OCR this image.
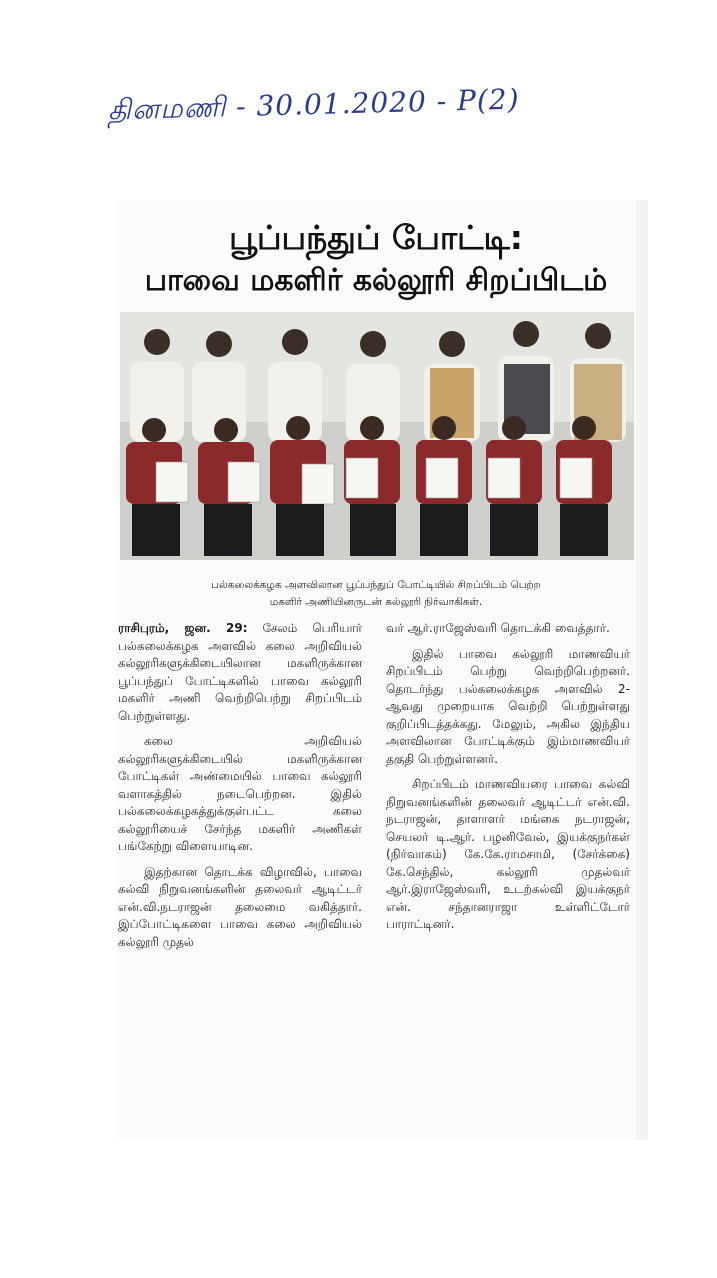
தினமணி - 30.01.2020 - P(2)
பூப்பந்துப் போட்டி:
பாவை மகளிர் கல்லூரி சிறப்பிடம்
பல்கலைக்கழக அளவிலான பூப்பந்துப் போட்டியில் சிறப்பிடம் பெற்ற
மகளிர் அணியினருடன் கல்லூரி நிர்வாகிகள்.

ராசிபுரம், ஜன. 29: சேலம் பெரியார் பல்கலைக்கழக அளவில் கலை அறிவியல் கல்லூரிகளுக்கிடையிலான மகளிருக்கான பூப்பந்துப் போட்டிகளில் பாவை கல்லூரி மகளிர் அணி வெற்றிபெற்று சிறப்பிடம் பெற்றுள்ளது.

கலை அறிவியல் கல்லூரிகளுக்கிடையில் மகளிருக்கான போட்டிகள் அண்மையில் பாவை கல்லூரி வளாகத்தில் நடைபெற்றன. இதில் பல்கலைக்கழகத்துக்குள்பட்ட கலை கல்லூரியைச் சேர்ந்த மகளிர் அணிகள் பங்கேற்று விளையாடின.

இதற்கான தொடக்க விழாவில், பாவை கல்வி நிறுவனங்களின் தலைவர் ஆடிட்டர் என்.வி.நடராஜன் தலைமை வகித்தார். இப்போட்டிகளை பாவை கலை அறிவியல் கல்லூரி முதல்

வர் ஆர்.ராஜேஸ்வரி தொடக்கி வைத்தார்.

இதில் பாவை கல்லூரி மாணவியர் சிறப்பிடம் பெற்று வெற்றிபெற்றனர். தொடர்ந்து பல்கலைக்கழக அளவில் 2-ஆவது முறையாக வெற்றி பெற்றுள்ளது குறிப்பிடத்தக்கது. மேலும், அகில இந்திய அளவிலான போட்டிக்கும் இம்மாணவியர் தகுதி பெற்றுள்ளனர்.

சிறப்பிடம் மாணவியரை பாவை கல்வி நிறுவனங்களின் தலைவர் ஆடிட்டர் என்.வி. நடராஜன், தாளாளர் மங்கை நடராஜன், செயலர் டி.ஆர். பழனிவேல், இயக்குநர்கள் (நிர்வாகம்) கே.கே.ராமசாமி, (சேர்க்கை) கே.செந்தில், கல்லூரி முதல்வர் ஆர்.இராஜேஸ்வரி, உடற்கல்வி இயக்குநர் என். சந்தானராஜா உள்ளிட்டோர் பாராட்டினர்.
